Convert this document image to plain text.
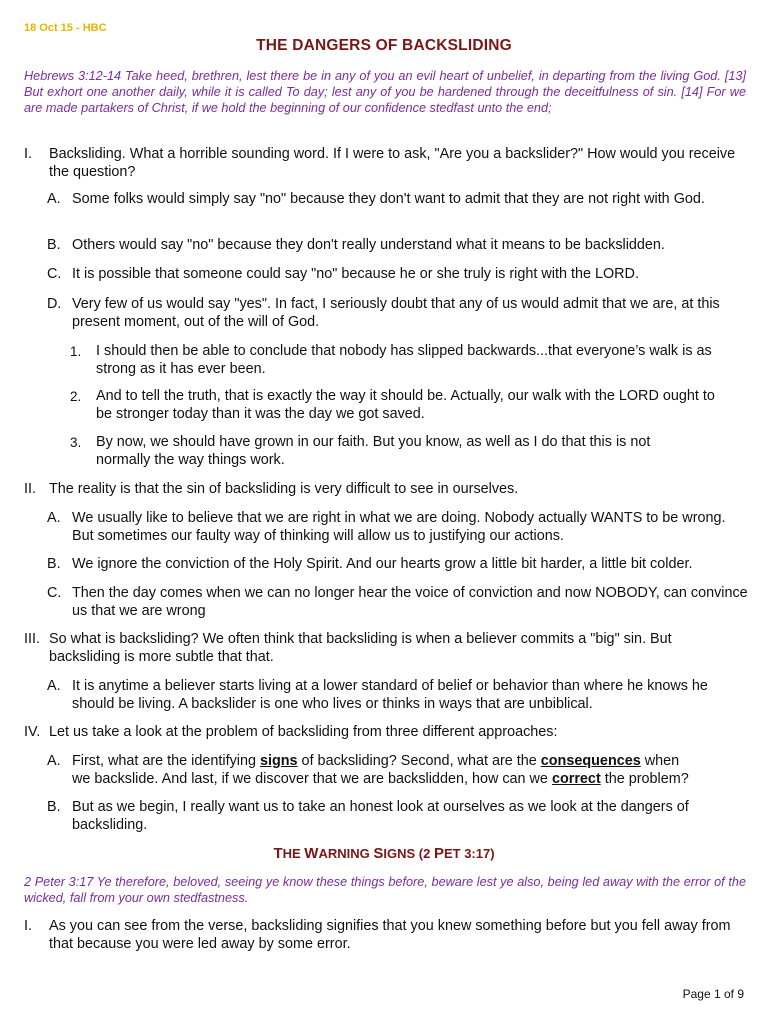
18 Oct 15 - HBC
THE DANGERS OF BACKSLIDING
Hebrews 3:12-14 Take heed, brethren, lest there be in any of you an evil heart of unbelief, in departing from the living God. [13] But exhort one another daily, while it is called To day; lest any of you be hardened through the deceitfulness of sin. [14] For we are made partakers of Christ, if we hold the beginning of our confidence stedfast unto the end;
I. Backsliding. What a horrible sounding word. If I were to ask, "Are you a backslider?" How would you receive the question?
A. Some folks would simply say "no" because they don't want to admit that they are not right with God.
B. Others would say "no" because they don't really understand what it means to be backslidden.
C. It is possible that someone could say "no" because he or she truly is right with the LORD.
D. Very few of us would say "yes". In fact, I seriously doubt that any of us would admit that we are, at this present moment, out of the will of God.
1. I should then be able to conclude that nobody has slipped backwards...that everyone’s walk is as strong as it has ever been.
2. And to tell the truth, that is exactly the way it should be. Actually, our walk with the LORD ought to be stronger today than it was the day we got saved.
3. By now, we should have grown in our faith. But you know, as well as I do that this is not normally the way things work.
II. The reality is that the sin of backsliding is very difficult to see in ourselves.
A. We usually like to believe that we are right in what we are doing. Nobody actually WANTS to be wrong. But sometimes our faulty way of thinking will allow us to justifying our actions.
B. We ignore the conviction of the Holy Spirit. And our hearts grow a little bit harder, a little bit colder.
C. Then the day comes when we can no longer hear the voice of conviction and now NOBODY, can convince us that we are wrong
III. So what is backsliding? We often think that backsliding is when a believer commits a "big" sin. But backsliding is more subtle that that.
A. It is anytime a believer starts living at a lower standard of belief or behavior than where he knows he should be living. A backslider is one who lives or thinks in ways that are unbiblical.
IV. Let us take a look at the problem of backsliding from three different approaches:
A. First, what are the identifying signs of backsliding? Second, what are the consequences when
we backslide. And last, if we discover that we are backslidden, how can we correct the problem?
B. But as we begin, I really want us to take an honest look at ourselves as we look at the dangers of backsliding.
THE WARNING SIGNS (2 PET 3:17)
2 Peter 3:17 Ye therefore, beloved, seeing ye know these things before, beware lest ye also, being led away with the error of the wicked, fall from your own stedfastness.
I. As you can see from the verse, backsliding signifies that you knew something before but you fell away from that because you were led away by some error.
Page 1 of 9
